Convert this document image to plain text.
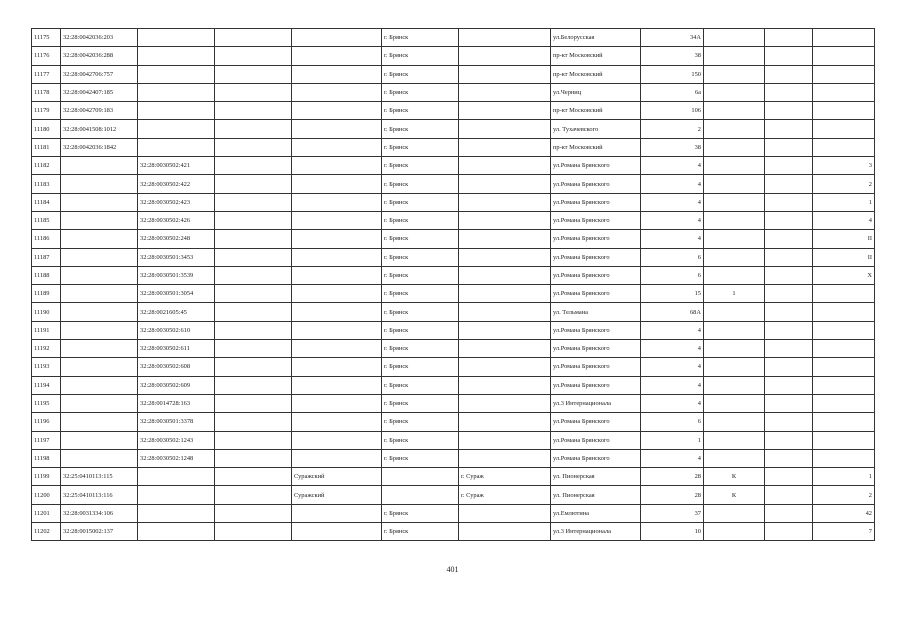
11175	32:28:0042036:203				г. Брянск		ул.Белорусская	34А			
11176	32:28:0042036:288				г. Брянск		пр-кт Московский	38			
11177	32:28:0042706:757				г. Брянск		пр-кт Московский	150			
11178	32:28:0042407:185				г. Брянск		ул.Черниц	6а			
11179	32:28:0042709:183				г. Брянск		пр-кт Московский	106			
11180	32:28:0041508:1012				г. Брянск		ул. Тухачевского	2			
11181	32:28:0042036:1842				г. Брянск		пр-кт Московский	38			
11182		32:28:0030502:421			г. Брянск		ул.Романа Брянского	4			3
11183		32:28:0030502:422			г. Брянск		ул.Романа Брянского	4			2
11184		32:28:0030502:423			г. Брянск		ул.Романа Брянского	4			1
11185		32:28:0030502:426			г. Брянск		ул.Романа Брянского	4			4
11186		32:28:0030502:248			г. Брянск		ул.Романа Брянского	4			II
11187		32:28:0030501:3453			г. Брянск		ул.Романа Брянского	6			II
11188		32:28:0030501:3539			г. Брянск		ул.Романа Брянского	6			X
11189		32:28:0030501:3054			г. Брянск		ул.Романа Брянского	15	1		
11190		32:28:0021605:45			г. Брянск		ул. Тельмана	68А			
11191		32:28:0030502:610			г. Брянск		ул.Романа Брянского	4			
11192		32:28:0030502:611			г. Брянск		ул.Романа Брянского	4			
11193		32:28:0030502:608			г. Брянск		ул.Романа Брянского	4			
11194		32:28:0030502:609			г. Брянск		ул.Романа Брянского	4			
11195		32:28:0014728:163			г. Брянск		ул.3 Интернационала	4			
11196		32:28:0030501:3378			г. Брянск		ул.Романа Брянского	6			
11197		32:28:0030502:1243			г. Брянск		ул.Романа Брянского	1			
11198		32:28:0030502:1248			г. Брянск		ул.Романа Брянского	4			
11199	32:25:0410113:115			Суражский		г. Сураж	ул. Пионерская	28	К		1
11200	32:25:0410113:116			Суражский		г. Сураж	ул. Пионерская	28	К		2
11201	32:28:0031334:106				г. Брянск		ул.Емлютина	37			42
11202	32:28:0015002:137				г. Брянск		ул.3 Интернационала	10			7
401
